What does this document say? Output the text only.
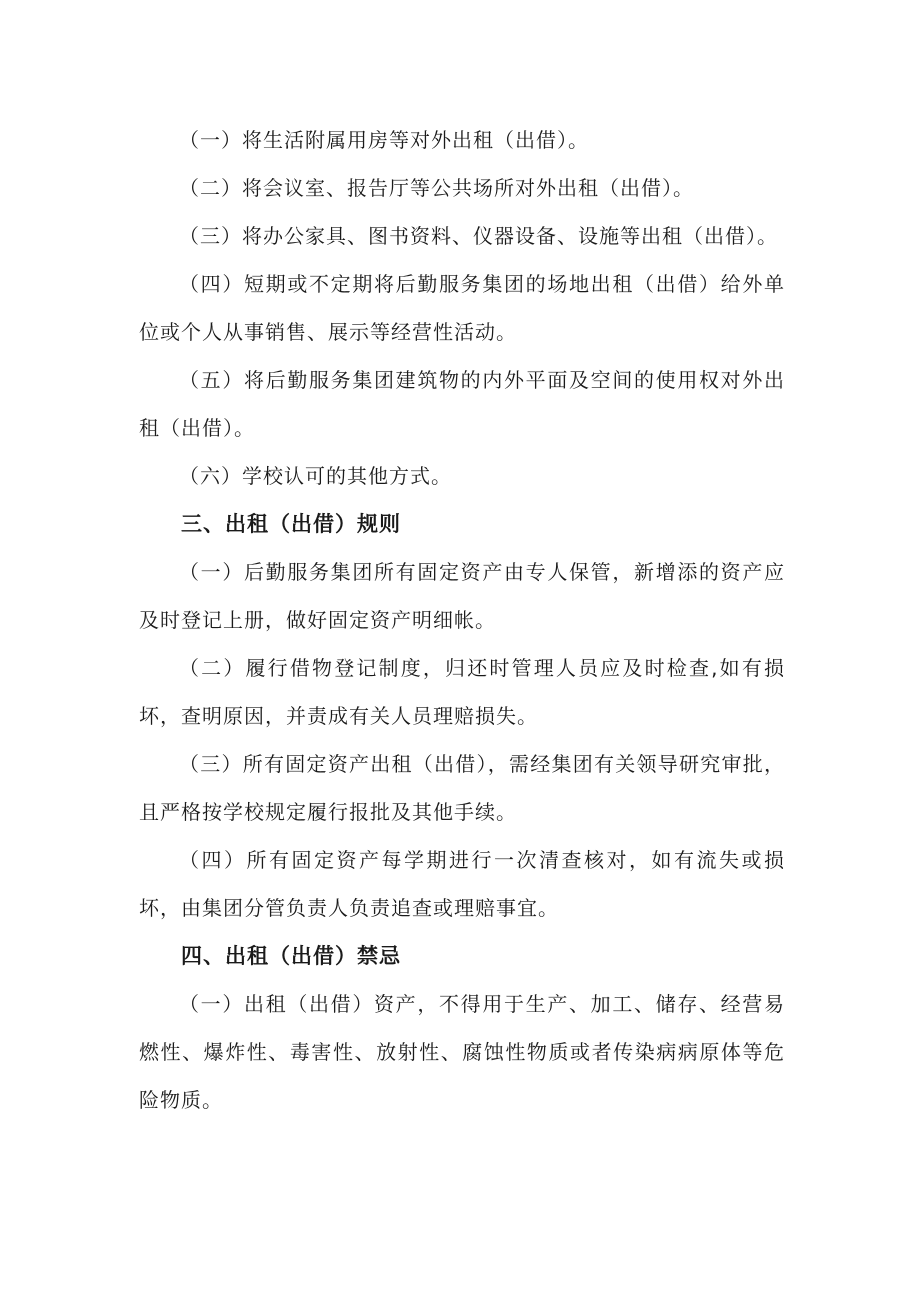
（一）将生活附属用房等对外出租（出借）。

（二）将会议室、报告厅等公共场所对外出租（出借）。

（三）将办公家具、图书资料、仪器设备、设施等出租（出借）。

（四）短期或不定期将后勤服务集团的场地出租（出借）给外单位或个人从事销售、展示等经营性活动。

（五）将后勤服务集团建筑物的内外平面及空间的使用权对外出租（出借）。

（六）学校认可的其他方式。

三、出租（出借）规则

（一）后勤服务集团所有固定资产由专人保管，新增添的资产应及时登记上册，做好固定资产明细帐。

（二）履行借物登记制度，归还时管理人员应及时检查,如有损坏，查明原因，并责成有关人员理赔损失。

（三）所有固定资产出租（出借），需经集团有关领导研究审批，且严格按学校规定履行报批及其他手续。

（四）所有固定资产每学期进行一次清查核对，如有流失或损坏，由集团分管负责人负责追查或理赔事宜。

四、出租（出借）禁忌

（一）出租（出借）资产，不得用于生产、加工、储存、经营易燃性、爆炸性、毒害性、放射性、腐蚀性物质或者传染病病原体等危险物质。
